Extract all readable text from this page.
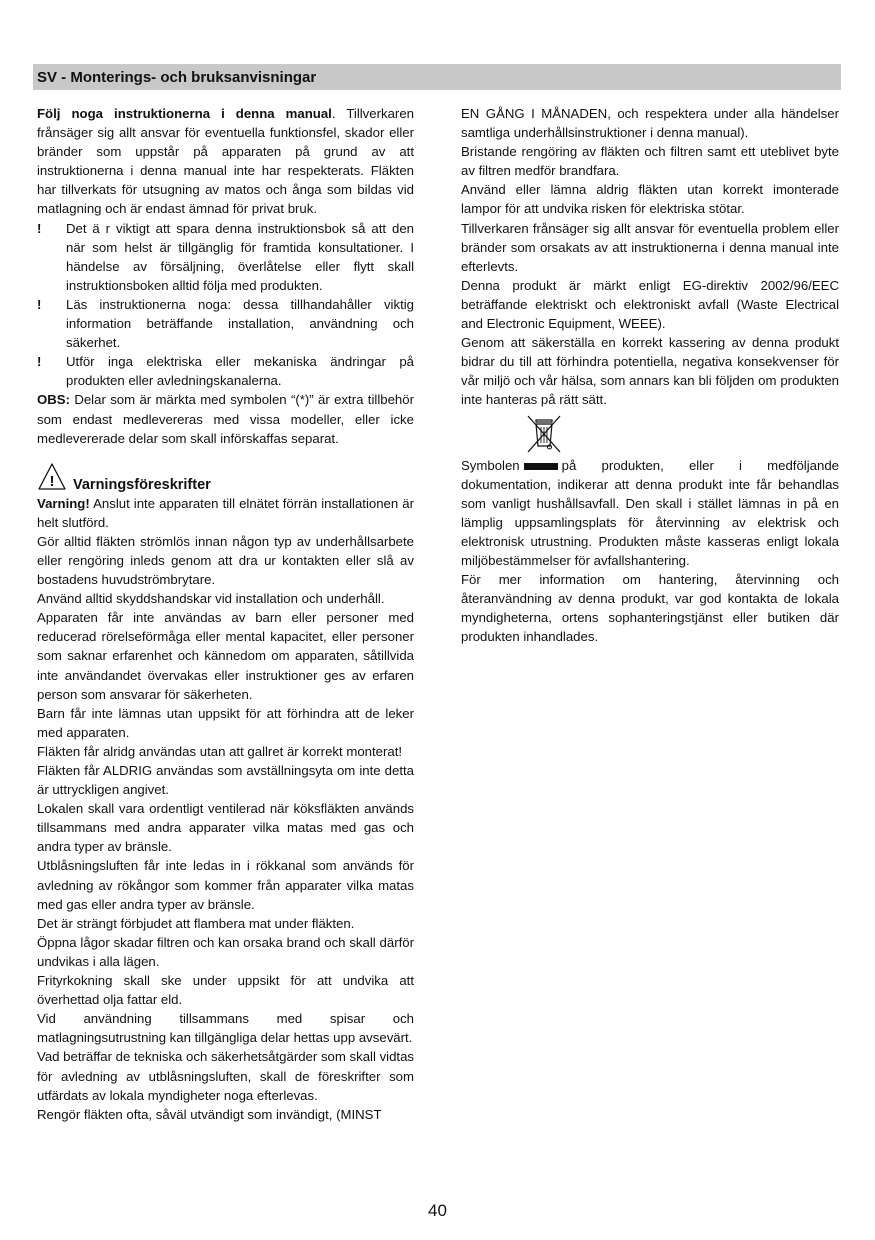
SV - Monterings- och bruksanvisningar

Följ noga instruktionerna i denna manual. Tillverkaren frånsäger sig allt ansvar för eventuella funktionsfel, skador eller bränder som uppstår på apparaten på grund av att instruktionerna i denna manual inte har respekterats. Fläkten har tillverkats för utsugning av matos och ånga som bildas vid matlagning och är endast ämnad för privat bruk.

! Det ä r viktigt att spara denna instruktionsbok så att den när som helst är tillgänglig för framtida konsultationer. I händelse av försäljning, överlåtelse eller flytt skall instruktionsboken alltid följa med produkten.
! Läs instruktionerna noga: dessa tillhandahåller viktig information beträffande installation, användning och säkerhet.
! Utför inga elektriska eller mekaniska ändringar på produkten eller avledningskanalerna.

OBS: Delar som är märkta med symbolen “(*)” är extra tillbehör som endast medlevereras med vissa modeller, eller icke medlevererade delar som skall införskaffas separat.

! Varningsföreskrifter

Varning! Anslut inte apparaten till elnätet förrän installationen är helt slutförd.

Gör alltid fläkten strömlös innan någon typ av underhållsarbete eller rengöring inleds genom att dra ur kontakten eller slå av bostadens huvudströmbrytare.

Använd alltid skyddshandskar vid installation och underhåll.

Apparaten får inte användas av barn eller personer med reducerad rörelseförmåga eller mental kapacitet, eller personer som saknar erfarenhet och kännedom om apparaten, såtillvida inte användandet övervakas eller instruktioner ges av erfaren person som ansvarar för säkerheten.

Barn får inte lämnas utan uppsikt för att förhindra att de leker med apparaten.

Fläkten får alridg användas utan att gallret är korrekt monterat!

Fläkten får ALDRIG användas som avställningsyta om inte detta är uttryckligen angivet.

Lokalen skall vara ordentligt ventilerad när köksfläkten används tillsammans med andra apparater vilka matas med gas och andra typer av bränsle.

Utblåsningsluften får inte ledas in i rökkanal som används för avledning av rökångor som kommer från apparater vilka matas med gas eller andra typer av bränsle.

Det är strängt förbjudet att flambera mat under fläkten.

Öppna lågor skadar filtren och kan orsaka brand och skall därför undvikas i alla lägen.

Frityrkokning skall ske under uppsikt för att undvika att överhettad olja fattar eld.

Vid användning tillsammans med spisar och matlagningsutrustning kan tillgängliga delar hettas upp avsevärt.

Vad beträffar de tekniska och säkerhetsåtgärder som skall vidtas för avledning av utblåsningsluften, skall de föreskrifter som utfärdats av lokala myndigheter noga efterlevas.

Rengör fläkten ofta, såväl utvändigt som invändigt, (MINST

EN GÅNG I MÅNADEN, och respektera under alla händelser samtliga underhållsinstruktioner i denna manual).

Bristande rengöring av fläkten och filtren samt ett uteblivet byte av filtren medför brandfara.

Använd eller lämna aldrig fläkten utan korrekt imonterade lampor för att undvika risken för elektriska stötar.

Tillverkaren frånsäger sig allt ansvar för eventuella problem eller bränder som orsakats av att instruktionerna i denna manual inte efterlevts.

Denna produkt är märkt enligt EG-direktiv 2002/96/EEC beträffande elektriskt och elektroniskt avfall (Waste Electrical and Electronic Equipment, WEEE).

Genom att säkerställa en korrekt kassering av denna produkt bidrar du till att förhindra potentiella, negativa konsekvenser för vår miljö och vår hälsa, som annars kan bli följden om produkten inte hanteras på rätt sätt.

Symbolen	på produkten, eller i medföljande

dokumentation, indikerar att denna produkt inte får behandlas som vanligt hushållsavfall. Den skall i stället lämnas in på en lämplig uppsamlingsplats för återvinning av elektrisk och elektronisk utrustning. Produkten måste kasseras enligt lokala miljöbestämmelser för avfallshantering.

För mer information om hantering, återvinning och återanvändning av denna produkt, var god kontakta de lokala myndigheterna, ortens sophanteringstjänst eller butiken där produkten inhandlades.

40
